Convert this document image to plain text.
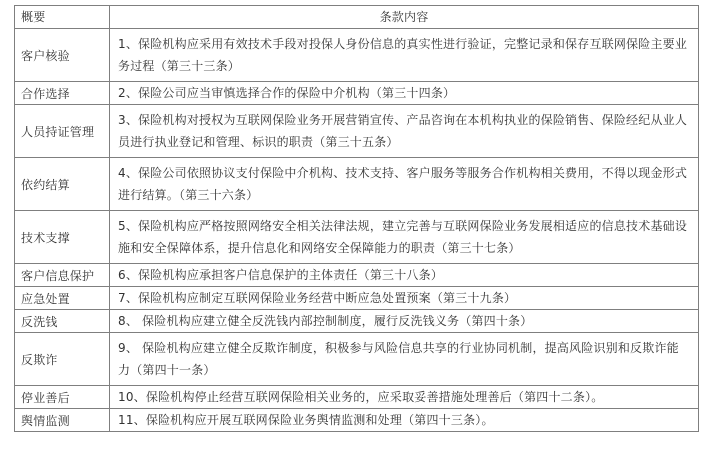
概要	条款内容
客户核验	1、保险机构应采用有效技术手段对投保人身份信息的真实性进行验证，完整记录和保存互联网保险主要业务过程（第三十三条）
合作选择	2、保险公司应当审慎选择合作的保险中介机构（第三十四条）
人员持证管理	3、保险机构对授权为互联网保险业务开展营销宣传、产品咨询在本机构执业的保险销售、保险经纪从业人员进行执业登记和管理、标识的职责（第三十五条）
依约结算	4、保险公司依照协议支付保险中介机构、技术支持、客户服务等服务合作机构相关费用，不得以现金形式进行结算。（第三十六条）
技术支撑	5、保险机构应严格按照网络安全相关法律法规，建立完善与互联网保险业务发展相适应的信息技术基础设施和安全保障体系，提升信息化和网络安全保障能力的职责（第三十七条）
客户信息保护	6、保险机构应承担客户信息保护的主体责任（第三十八条）
应急处置	7、保险机构应制定互联网保险业务经营中断应急处置预案（第三十九条）
反洗钱	8、 保险机构应建立健全反洗钱内部控制制度，履行反洗钱义务（第四十条）
反欺诈	9、 保险机构应建立健全反欺诈制度，积极参与风险信息共享的行业协同机制，提高风险识别和反欺诈能力（第四十一条）
停业善后	10、保险机构停止经营互联网保险相关业务的，应采取妥善措施处理善后（第四十二条）。
舆情监测	11、保险机构应开展互联网保险业务舆情监测和处理（第四十三条）。
